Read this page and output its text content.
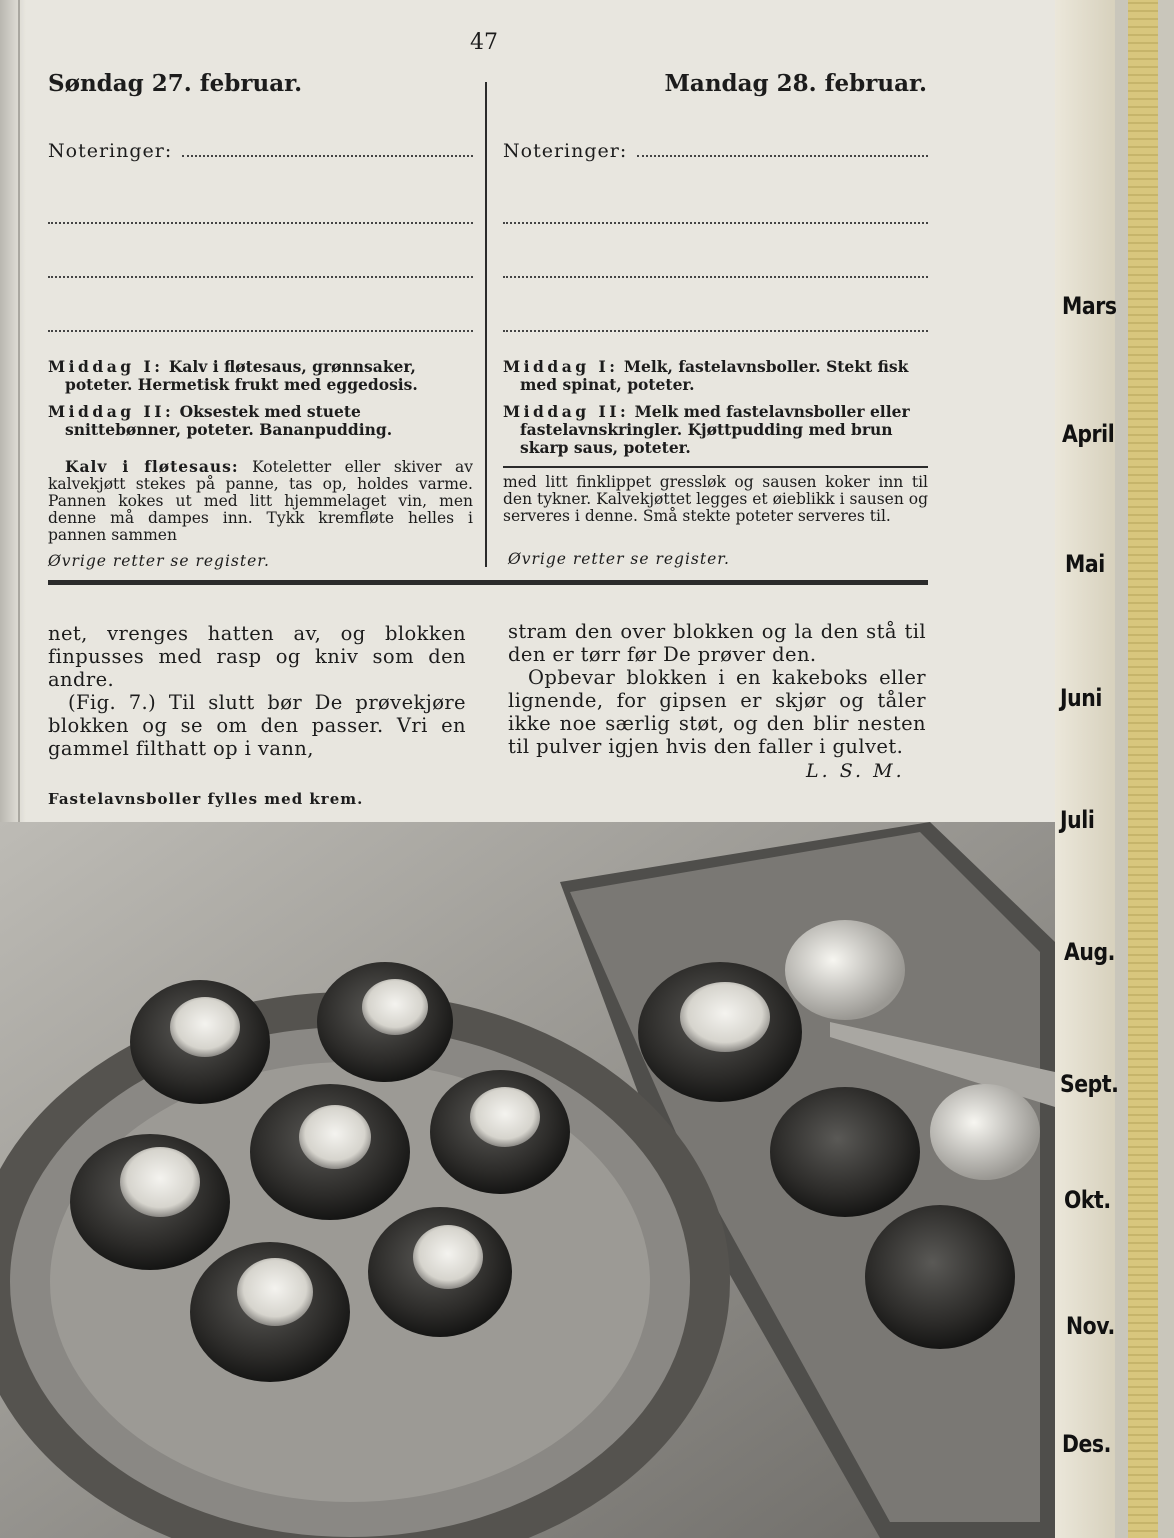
47
Søndag 27. februar.	Mandag 28. februar.
Noteringer:	Noteringer:
Middag I: Kalv i fløtesaus, grønnsaker, poteter. Hermetisk frukt med eggedosis.
Middag II: Oksestek med stuete snittebønner, poteter. Bananpudding.
Middag I: Melk, fastelavnsboller. Stekt fisk med spinat, poteter.
Middag II: Melk med fastelavnsboller eller fastelavnskringler. Kjøttpudding med brun skarp saus, poteter.
Kalv i fløtesaus: Koteletter eller skiver av kalvekjøtt stekes på panne, tas op, holdes varme. Pannen kokes ut med litt hjemmelaget vin, men denne må dampes inn. Tykk kremfløte helles i pannen sammen
Øvrige retter se register.
med litt finklippet gressløk og sausen koker inn til den tykner. Kalvekjøttet legges et øieblikk i sausen og serveres i denne. Små stekte poteter serveres til.
Øvrige retter se register.

net, vrenges hatten av, og blokken finpusses med rasp og kniv som den andre.

(Fig. 7.) Til slutt bør De prøvekjøre blokken og se om den passer. Vri en gammel filthatt op i vann,

stram den over blokken og la den stå til den er tørr før De prøver den.

Opbevar blokken i en kakeboks eller lignende, for gipsen er skjør og tåler ikke noe særlig støt, og den blir nesten til pulver igjen hvis den faller i gulvet.

L. S. M.
Fastelavnsboller fylles med krem.
Mars
April
Mai
Juni
Juli
Aug.
Sept.
Okt.
Nov.
Des.
